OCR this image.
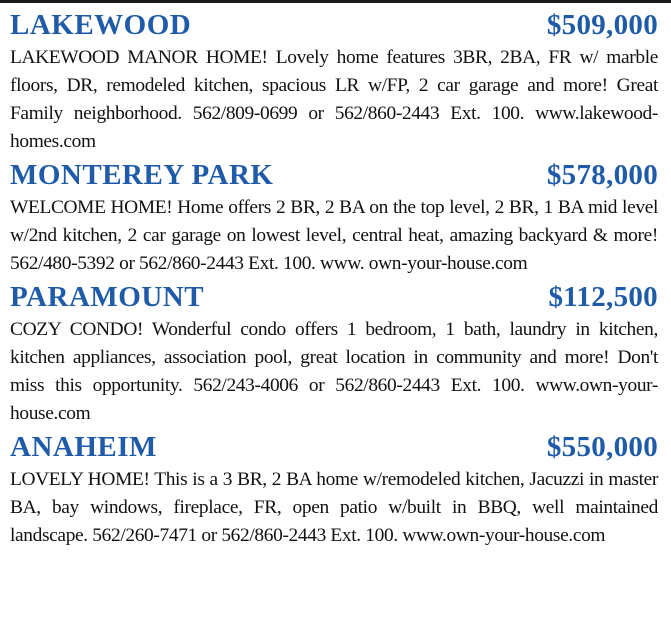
LAKEWOOD	$509,000

LAKEWOOD MANOR HOME! Lovely home features 3BR, 2BA, FR w/ marble floors, DR, remodeled kitchen, spacious LR w/FP, 2 car garage and more! Great Family neighborhood. 562/809-0699 or 562/860-2443 Ext. 100. www.lakewood-homes.com

MONTEREY PARK	$578,000

WELCOME HOME! Home offers 2 BR, 2 BA on the top level, 2 BR, 1 BA mid level w/2nd kitchen, 2 car garage on lowest level, central heat, amazing backyard & more! 562/480-5392 or 562/860-2443 Ext. 100. www. own-your-house.com

PARAMOUNT	$112,500

COZY CONDO! Wonderful condo offers 1 bedroom, 1 bath, laundry in kitchen, kitchen appliances, association pool, great location in community and more! Don't miss this opportunity. 562/243-4006 or 562/860-2443 Ext. 100. www.own-your-house.com

ANAHEIM	$550,000

LOVELY HOME! This is a 3 BR, 2 BA home w/remodeled kitchen, Jacuzzi in master BA, bay windows, fireplace, FR, open patio w/built in BBQ, well maintained landscape. 562/260-7471 or 562/860-2443 Ext. 100. www.own-your-house.com
